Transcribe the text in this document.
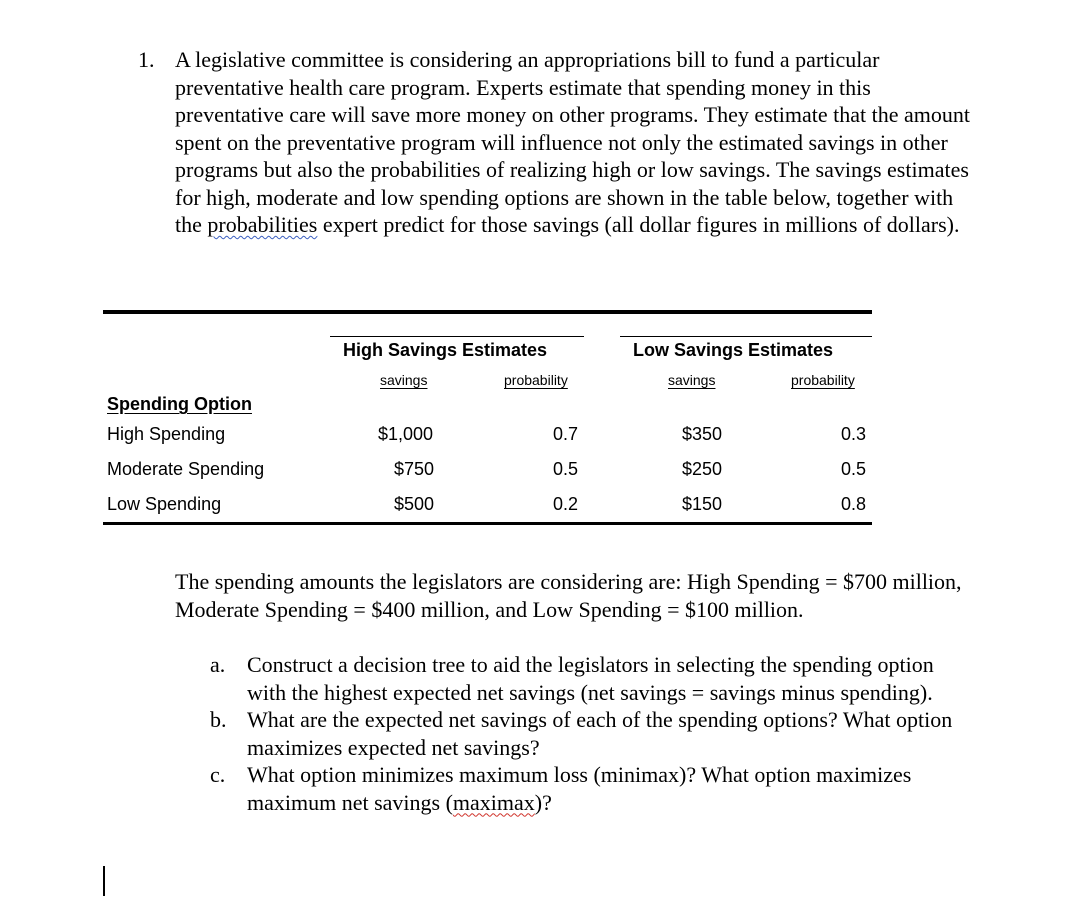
1. A legislative committee is considering an appropriations bill to fund a particular preventative health care program. Experts estimate that spending money in this preventative care will save more money on other programs. They estimate that the amount spent on the preventative program will influence not only the estimated savings in other programs but also the probabilities of realizing high or low savings. The savings estimates for high, moderate and low spending options are shown in the table below, together with the probabilities expert predict for those savings (all dollar figures in millions of dollars).
High Savings Estimates	Low Savings Estimates
savings	probability	savings	probability
Spending Option
High Spending	$1,000	0.7	$350	0.3
Moderate Spending	$750	0.5	$250	0.5
Low Spending	$500	0.2	$150	0.8
The spending amounts the legislators are considering are: High Spending = $700 million, Moderate Spending = $400 million, and Low Spending = $100 million.
a. Construct a decision tree to aid the legislators in selecting the spending option with the highest expected net savings (net savings = savings minus spending).
b. What are the expected net savings of each of the spending options? What option maximizes expected net savings?
c. What option minimizes maximum loss (minimax)? What option maximizes maximum net savings (maximax)?
